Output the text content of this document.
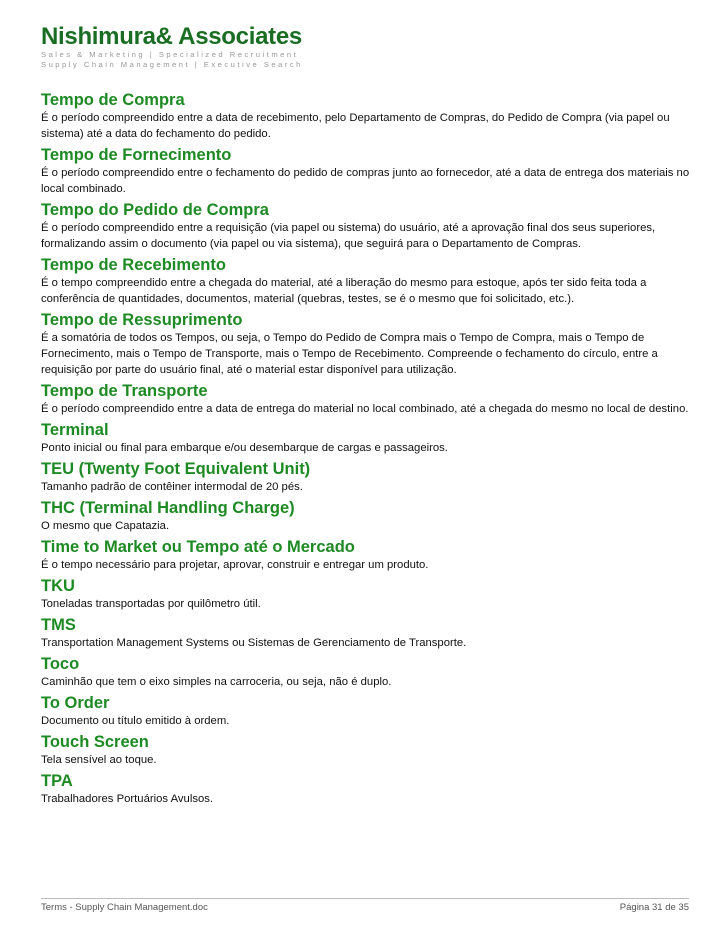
Nishimura& Associates
Sales & Marketing | Specialized Recruitment
Supply Chain Management | Executive Search
Tempo de Compra
É o período compreendido entre a data de recebimento, pelo Departamento de Compras, do Pedido de Compra (via papel ou sistema) até a data do fechamento do pedido.
Tempo de Fornecimento
É o período compreendido entre o fechamento do pedido de compras junto ao fornecedor, até a data de entrega dos materiais no local combinado.
Tempo do Pedido de Compra
É o período compreendido entre a requisição (via papel ou sistema) do usuário, até a aprovação final dos seus superiores, formalizando assim o documento (via papel ou via sistema), que seguirá para o Departamento de Compras.
Tempo de Recebimento
É o tempo compreendido entre a chegada do material, até a liberação do mesmo para estoque, após ter sido feita toda a conferência de quantidades, documentos, material (quebras, testes, se é o mesmo que foi solicitado, etc.).
Tempo de Ressuprimento
É a somatória de todos os Tempos, ou seja, o Tempo do Pedido de Compra mais o Tempo de Compra, mais o Tempo de Fornecimento, mais o Tempo de Transporte, mais o Tempo de Recebimento. Compreende o fechamento do círculo, entre a requisição por parte do usuário final, até o material estar disponível para utilização.
Tempo de Transporte
É o período compreendido entre a data de entrega do material no local combinado, até a chegada do mesmo no local de destino.
Terminal
Ponto inicial ou final para embarque e/ou desembarque de cargas e passageiros.
TEU (Twenty Foot Equivalent Unit)
Tamanho padrão de contêiner intermodal de 20 pés.
THC (Terminal Handling Charge)
O mesmo que Capatazia.
Time to Market ou Tempo até o Mercado
É o tempo necessário para projetar, aprovar, construir e entregar um produto.
TKU
Toneladas transportadas por quilômetro útil.
TMS
Transportation Management Systems ou Sistemas de Gerenciamento de Transporte.
Toco
Caminhão que tem o eixo simples na carroceria, ou seja, não é duplo.
To Order
Documento ou título emitido à ordem.
Touch Screen
Tela sensível ao toque.
TPA
Trabalhadores Portuários Avulsos.
Terms - Supply Chain Management.doc	Página 31 de 35
